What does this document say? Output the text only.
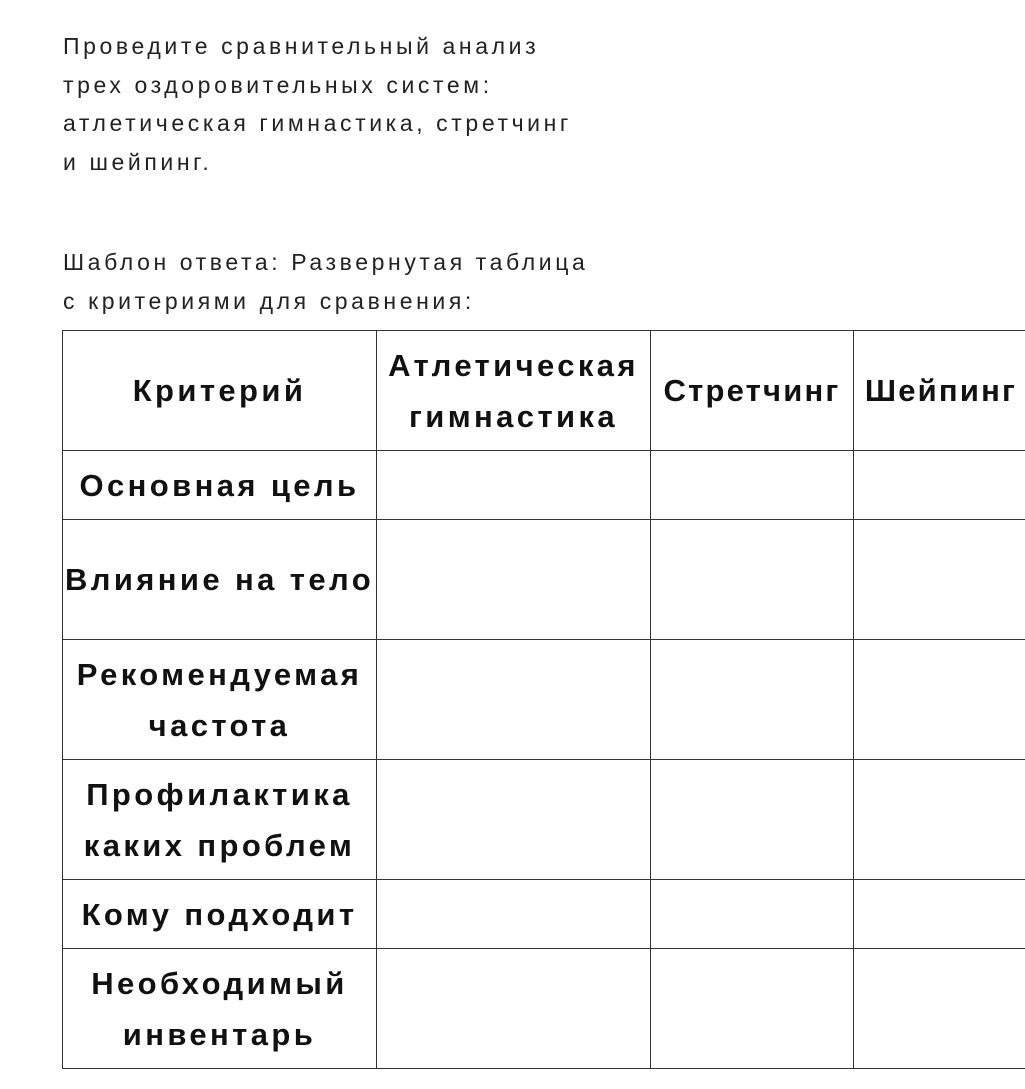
Проведите сравнительный анализ
трех оздоровительных систем:
атлетическая гимнастика, стретчинг
и шейпинг.

Шаблон ответа: Развернутая таблица
с критериями для сравнения:

Критерий	Атлетическая гимнастика	Стретчинг	Шейпинг
Основная цель			
Влияние на тело			
Рекомендуемая частота			
Профилактика каких проблем			
Кому подходит			
Необходимый инвентарь			
